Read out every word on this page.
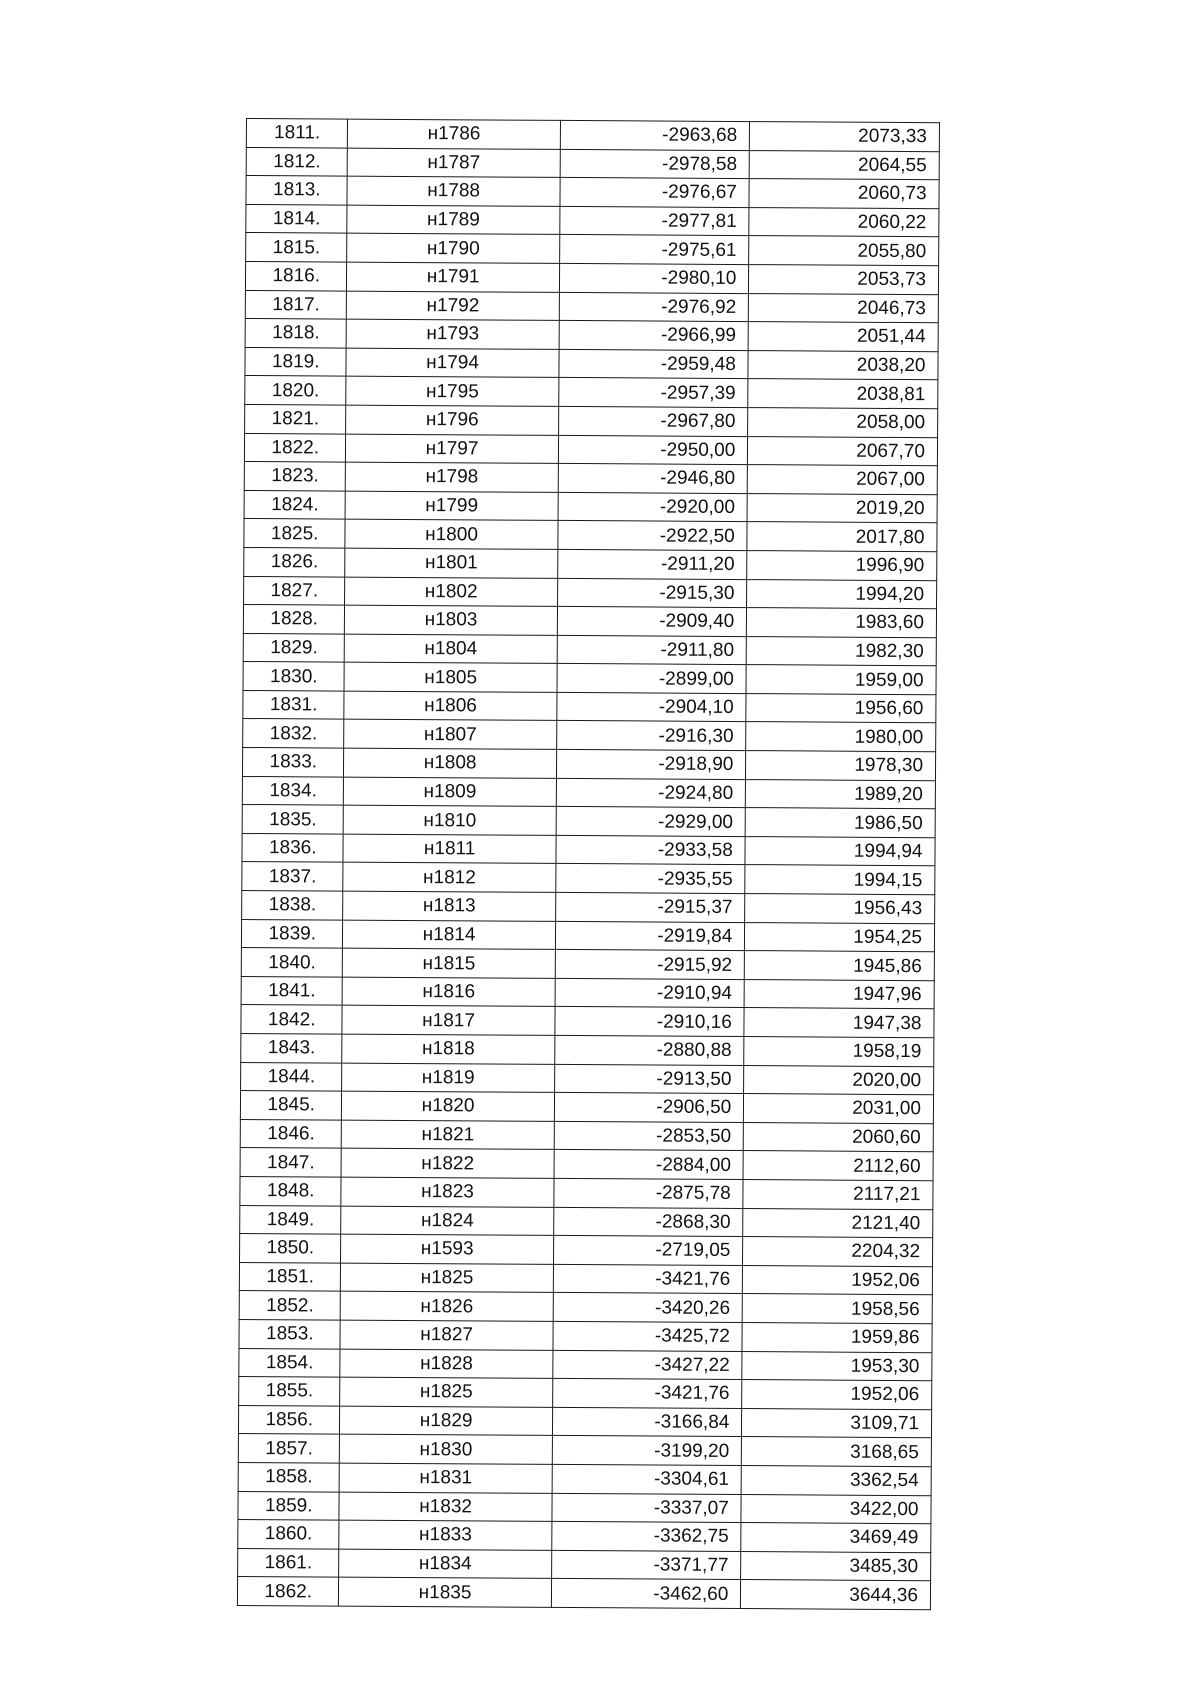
1811.	н1786	-2963,68	2073,33
1812.	н1787	-2978,58	2064,55
1813.	н1788	-2976,67	2060,73
1814.	н1789	-2977,81	2060,22
1815.	н1790	-2975,61	2055,80
1816.	н1791	-2980,10	2053,73
1817.	н1792	-2976,92	2046,73
1818.	н1793	-2966,99	2051,44
1819.	н1794	-2959,48	2038,20
1820.	н1795	-2957,39	2038,81
1821.	н1796	-2967,80	2058,00
1822.	н1797	-2950,00	2067,70
1823.	н1798	-2946,80	2067,00
1824.	н1799	-2920,00	2019,20
1825.	н1800	-2922,50	2017,80
1826.	н1801	-2911,20	1996,90
1827.	н1802	-2915,30	1994,20
1828.	н1803	-2909,40	1983,60
1829.	н1804	-2911,80	1982,30
1830.	н1805	-2899,00	1959,00
1831.	н1806	-2904,10	1956,60
1832.	н1807	-2916,30	1980,00
1833.	н1808	-2918,90	1978,30
1834.	н1809	-2924,80	1989,20
1835.	н1810	-2929,00	1986,50
1836.	н1811	-2933,58	1994,94
1837.	н1812	-2935,55	1994,15
1838.	н1813	-2915,37	1956,43
1839.	н1814	-2919,84	1954,25
1840.	н1815	-2915,92	1945,86
1841.	н1816	-2910,94	1947,96
1842.	н1817	-2910,16	1947,38
1843.	н1818	-2880,88	1958,19
1844.	н1819	-2913,50	2020,00
1845.	н1820	-2906,50	2031,00
1846.	н1821	-2853,50	2060,60
1847.	н1822	-2884,00	2112,60
1848.	н1823	-2875,78	2117,21
1849.	н1824	-2868,30	2121,40
1850.	н1593	-2719,05	2204,32
1851.	н1825	-3421,76	1952,06
1852.	н1826	-3420,26	1958,56
1853.	н1827	-3425,72	1959,86
1854.	н1828	-3427,22	1953,30
1855.	н1825	-3421,76	1952,06
1856.	н1829	-3166,84	3109,71
1857.	н1830	-3199,20	3168,65
1858.	н1831	-3304,61	3362,54
1859.	н1832	-3337,07	3422,00
1860.	н1833	-3362,75	3469,49
1861.	н1834	-3371,77	3485,30
1862.	н1835	-3462,60	3644,36
